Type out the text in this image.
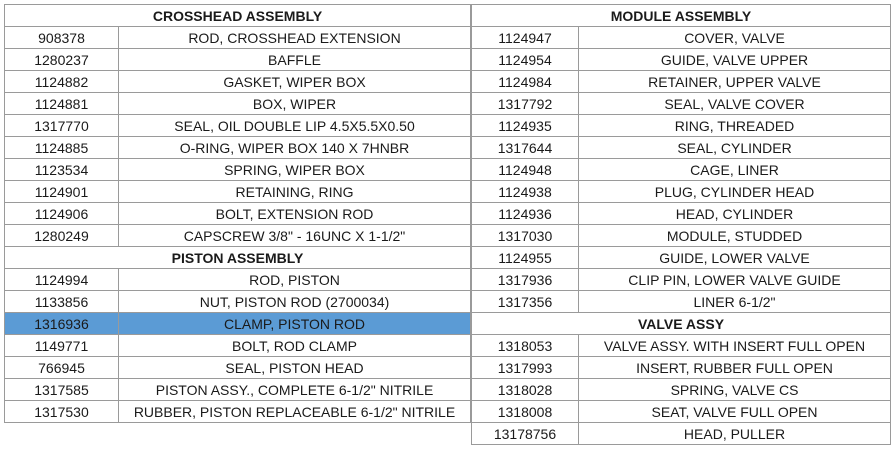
CROSSHEAD ASSEMBLY	
908378	ROD, CROSSHEAD EXTENSION
1280237	BAFFLE
1124882	GASKET, WIPER BOX
1124881	BOX, WIPER
1317770	SEAL, OIL DOUBLE LIP 4.5X5.5X0.50
1124885	O-RING, WIPER BOX 140 X 7HNBR
1123534	SPRING, WIPER BOX
1124901	RETAINING, RING
1124906	BOLT, EXTENSION ROD
1280249	CAPSCREW 3/8" - 16UNC X 1-1/2"
PISTON ASSEMBLY	

1124994	ROD, PISTON
1133856	NUT, PISTON ROD (2700034)
1316936	CLAMP, PISTON ROD
1149771	BOLT, ROD CLAMP
766945	SEAL, PISTON HEAD
1317585	PISTON ASSY., COMPLETE 6-1/2" NITRILE
1317530	RUBBER, PISTON REPLACEABLE 6-1/2" NITRILE
MODULE ASSEMBLY	
1124947	COVER, VALVE
1124954	GUIDE, VALVE UPPER
1124984	RETAINER, UPPER VALVE
1317792	SEAL, VALVE COVER
1124935	RING, THREADED
1317644	SEAL, CYLINDER
1124948	CAGE, LINER
1124938	PLUG, CYLINDER HEAD
1124936	HEAD, CYLINDER
1317030	MODULE, STUDDED
1124955	GUIDE, LOWER VALVE
1317936	CLIP PIN, LOWER VALVE GUIDE
1317356	LINER 6-1/2"
VALVE ASSY	
1318053	VALVE ASSY. WITH INSERT FULL OPEN
1317993	INSERT, RUBBER FULL OPEN
1318028	SPRING, VALVE CS
1318008	SEAT, VALVE FULL OPEN
13178756	HEAD, PULLER
